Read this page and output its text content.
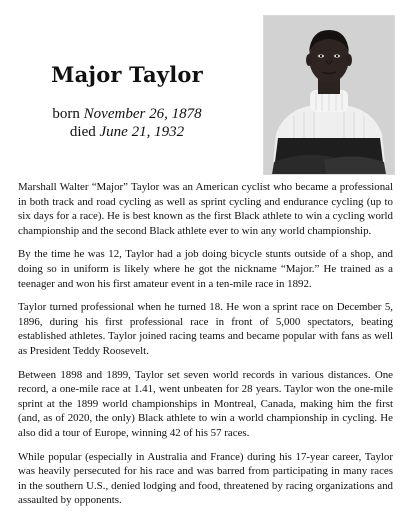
Major Taylor
born November 26, 1878
died June 21, 1932

Marshall Walter “Major” Taylor was an American cyclist who became a professional in both track and road cycling as well as sprint cycling and endurance cycling (up to six days for a race). He is best known as the first Black athlete to win a cycling world championship and the second Black athlete ever to win any world championship.

By the time he was 12, Taylor had a job doing bicycle stunts outside of a shop, and doing so in uniform is likely where he got the nickname “Major.” He trained as a teenager and won his first amateur event in a ten-mile race in 1892.

Taylor turned professional when he turned 18. He won a sprint race on December 5, 1896, during his first professional race in front of 5,000 spectators, beating established athletes. Taylor joined racing teams and became popular with fans as well as President Teddy Roosevelt.

Between 1898 and 1899, Taylor set seven world records in various distances. One record, a one-mile race at 1.41, went unbeaten for 28 years. Taylor won the one-mile sprint at the 1899 world championships in Montreal, Canada, making him the first (and, as of 2020, the only) Black athlete to win a world championship in cycling. He also did a tour of Europe, winning 42 of his 57 races.

While popular (especially in Australia and France) during his 17-year career, Taylor was heavily persecuted for his race and was barred from participating in many races in the southern U.S., denied lodging and food, threatened by racing organizations and assaulted by opponents.
